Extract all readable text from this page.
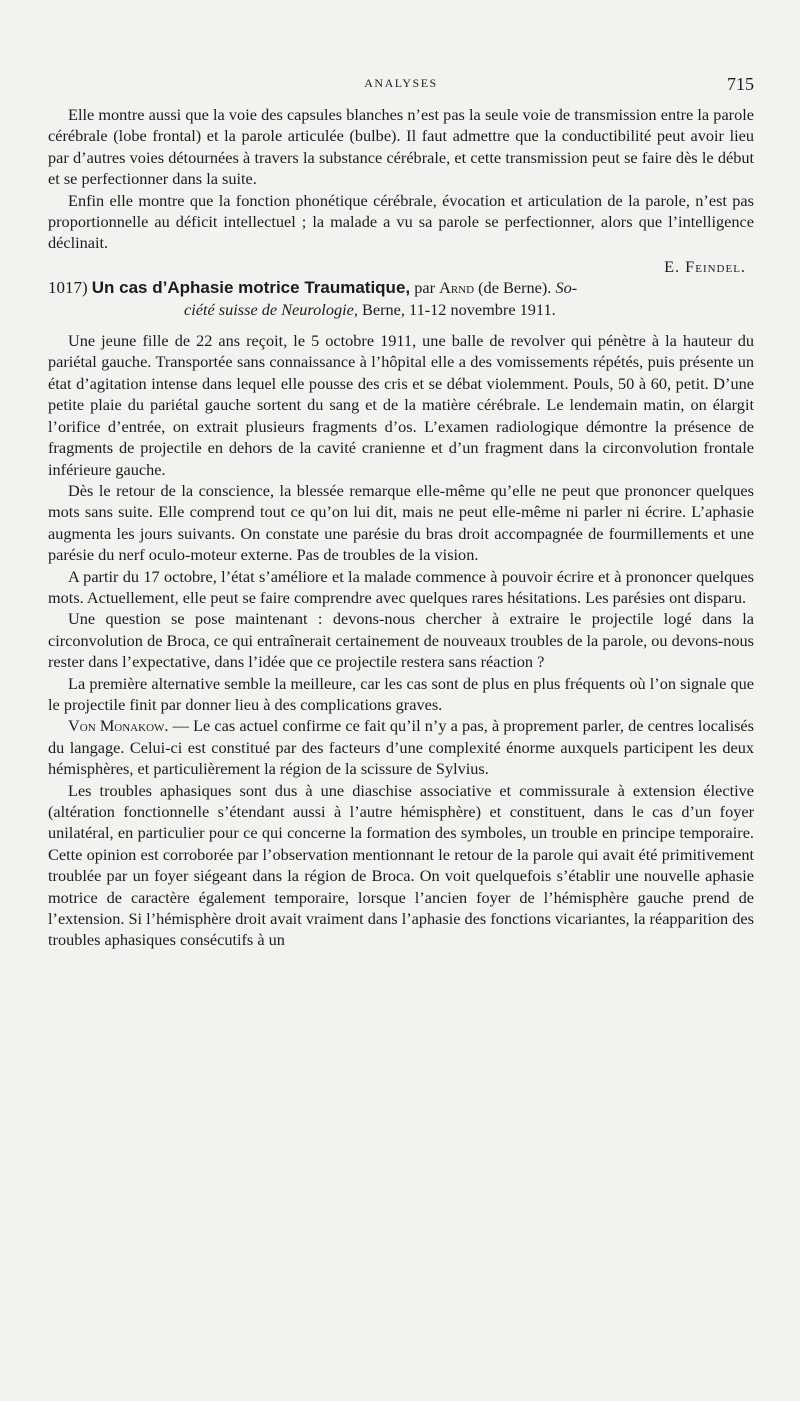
ANALYSES	715

Elle montre aussi que la voie des capsules blanches n’est pas la seule voie de transmission entre la parole cérébrale (lobe frontal) et la parole articulée (bulbe). Il faut admettre que la conductibilité peut avoir lieu par d’autres voies détournées à travers la substance cérébrale, et cette transmission peut se faire dès le début et se perfectionner dans la suite.

Enfin elle montre que la fonction phonétique cérébrale, évocation et articulation de la parole, n’est pas proportionnelle au déficit intellectuel ; la malade a vu sa parole se perfectionner, alors que l’intelligence déclinait.

E. Feindel.

1017) Un cas d’Aphasie motrice Traumatique, par Arnd (de Berne). So-
ciété suisse de Neurologie, Berne, 11-12 novembre 1911.

Une jeune fille de 22 ans reçoit, le 5 octobre 1911, une balle de revolver qui pénètre à la hauteur du pariétal gauche. Transportée sans connaissance à l’hôpital elle a des vomissements répétés, puis présente un état d’agitation intense dans lequel elle pousse des cris et se débat violemment. Pouls, 50 à 60, petit. D’une petite plaie du pariétal gauche sortent du sang et de la matière cérébrale. Le lendemain matin, on élargit l’orifice d’entrée, on extrait plusieurs fragments d’os. L’examen radiologique démontre la présence de fragments de projectile en dehors de la cavité cranienne et d’un fragment dans la circonvolution frontale inférieure gauche.

Dès le retour de la conscience, la blessée remarque elle-même qu’elle ne peut que prononcer quelques mots sans suite. Elle comprend tout ce qu’on lui dit, mais ne peut elle-même ni parler ni écrire. L’aphasie augmenta les jours suivants. On constate une parésie du bras droit accompagnée de fourmillements et une parésie du nerf oculo-moteur externe. Pas de troubles de la vision.

A partir du 17 octobre, l’état s’améliore et la malade commence à pouvoir écrire et à prononcer quelques mots. Actuellement, elle peut se faire comprendre avec quelques rares hésitations. Les parésies ont disparu.

Une question se pose maintenant : devons-nous chercher à extraire le projectile logé dans la circonvolution de Broca, ce qui entraînerait certainement de nouveaux troubles de la parole, ou devons-nous rester dans l’expectative, dans l’idée que ce projectile restera sans réaction ?

La première alternative semble la meilleure, car les cas sont de plus en plus fréquents où l’on signale que le projectile finit par donner lieu à des complications graves.

Von Monakow. — Le cas actuel confirme ce fait qu’il n’y a pas, à proprement parler, de centres localisés du langage. Celui-ci est constitué par des facteurs d’une complexité énorme auxquels participent les deux hémisphères, et particulièrement la région de la scissure de Sylvius.

Les troubles aphasiques sont dus à une diaschise associative et commissurale à extension élective (altération fonctionnelle s’étendant aussi à l’autre hémisphère) et constituent, dans le cas d’un foyer unilatéral, en particulier pour ce qui concerne la formation des symboles, un trouble en principe temporaire. Cette opinion est corroborée par l’observation mentionnant le retour de la parole qui avait été primitivement troublée par un foyer siégeant dans la région de Broca. On voit quelquefois s’établir une nouvelle aphasie motrice de caractère également temporaire, lorsque l’ancien foyer de l’hémisphère gauche prend de l’extension. Si l’hémisphère droit avait vraiment dans l’aphasie des fonctions vicariantes, la réapparition des troubles aphasiques consécutifs à un
